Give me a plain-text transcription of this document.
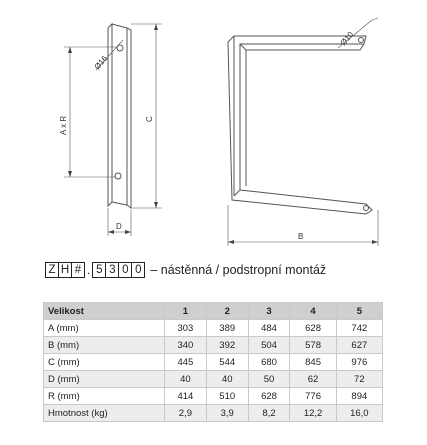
A x R	C
D
B
Ø16
Ø10
Z H # . 5 3 0 0 – nástěnná / podstropní montáž
Velikost	1	2	3	4	5
A (mm)	303	389	484	628	742
B (mm)	340	392	504	578	627
C (mm)	445	544	680	845	976
D (mm)	40	40	50	62	72
R (mm)	414	510	628	776	894
Hmotnost (kg)	2,9	3,9	8,2	12,2	16,0
